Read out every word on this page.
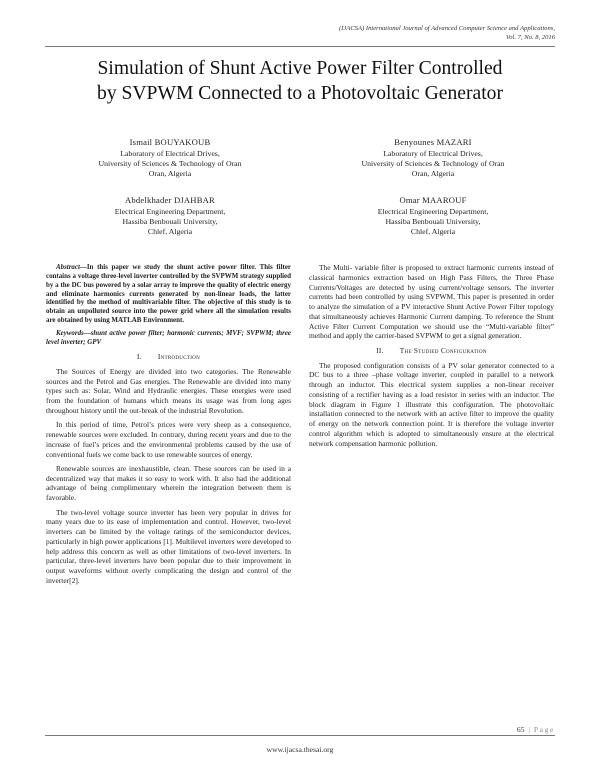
(IJACSA) International Journal of Advanced Computer Science and Applications,
Vol. 7, No. 8, 2016
Simulation of Shunt Active Power Filter Controlled
by SVPWM Connected to a Photovoltaic Generator
Ismail BOUYAKOUB
Laboratory of Electrical Drives,
University of Sciences & Technology of Oran
Oran, Algeria
Benyounes MAZARI
Laboratory of Electrical Drives,
University of Sciences & Technology of Oran
Oran, Algeria
Abdelkhader DJAHBAR
Electrical Engineering Department,
Hassiba Benbouali University,
Chlef, Algeria
Omar MAAROUF
Electrical Engineering Department,
Hassiba Benbouali University,
Chlef, Algeria

Abstract—In this paper we study the shunt active power filter. This filter contains a voltage three-level inverter controlled by the SVPWM strategy supplied by a the DC bus powered by a solar array to improve the quality of electric energy and eliminate harmonics currents generated by non-linear loads, the latter identified by the method of multivariable filter. The objective of this study is to obtain an unpolluted source into the power grid where all the simulation results are obtained by using MATLAB Environment.

Keywords—shunt active power filter; harmonic currents; MVF; SVPWM; three level inverter; GPV

I. Introduction

The Sources of Energy are divided into two categories. The Renewable sources and the Petrol and Gas energies. The Renewable are divided into many types such as: Solar, Wind and Hydraulic energies. These energies were used from the foundation of humans which means its usage was from long ages throughout history until the out-break of the industrial Revolution.

In this period of time, Petrol’s prices were very sheep as a consequence, renewable sources were excluded. In contrary, during recent years and due to the increase of fuel’s prices and the environmental problems caused by the use of conventional fuels we come back to use renewable sources of energy.

Renewable sources are inexhaustible, clean. These sources can be used in a decentralized way that makes it so easy to work with. It also had the additional advantage of being complimentary wherein the integration between them is favorable.

The two-level voltage source inverter has been very popular in drives for many years due to its ease of implementation and control. However, two-level inverters can be limited by the voltage ratings of the semiconductor devices, particularly in high power applications [1]. Multilevel inverters were developed to help address this concern as well as other limitations of two-level inverters. In particular, three-level inverters have been popular due to their improvement in output waveforms without overly complicating the design and control of the inverter[2].

The Multi- variable filter is proposed to extract harmonic currents instead of classical harmonics extraction based on High Pass Filters, the Three Phase Currents/Voltages are detected by using current/voltage sensors. The inverter currents had been controlled by using SVPWM. This paper is presented in order to analyze the simulation of a PV interactive Shunt Active Power Filter topology that simultaneously achieves Harmonic Current damping. To reference the Shunt Active Filter Current Computation we should use the “Multi-variable filter” method and apply the carrier-based SVPWM to get a signal generation.

II. The Studied Configuration

The proposed configuration consists of a PV solar generator connected to a DC bus to a three –phase voltage inverter, coupled in parallel to a network through an inductor. This electrical system supplies a non-linear receiver consisting of a rectifier having as a load resistor in series with an inductor. The block diagram in Figure 1 illustrate this configuration. The photovoltaic installation connected to the network with an active filter to improve the quality of energy on the network connection point. It is therefore the voltage inverter control algorithm which is adopted to simultaneously ensure at the electrical network compensation harmonic pollution.

65 | Page
www.ijacsa.thesai.org
